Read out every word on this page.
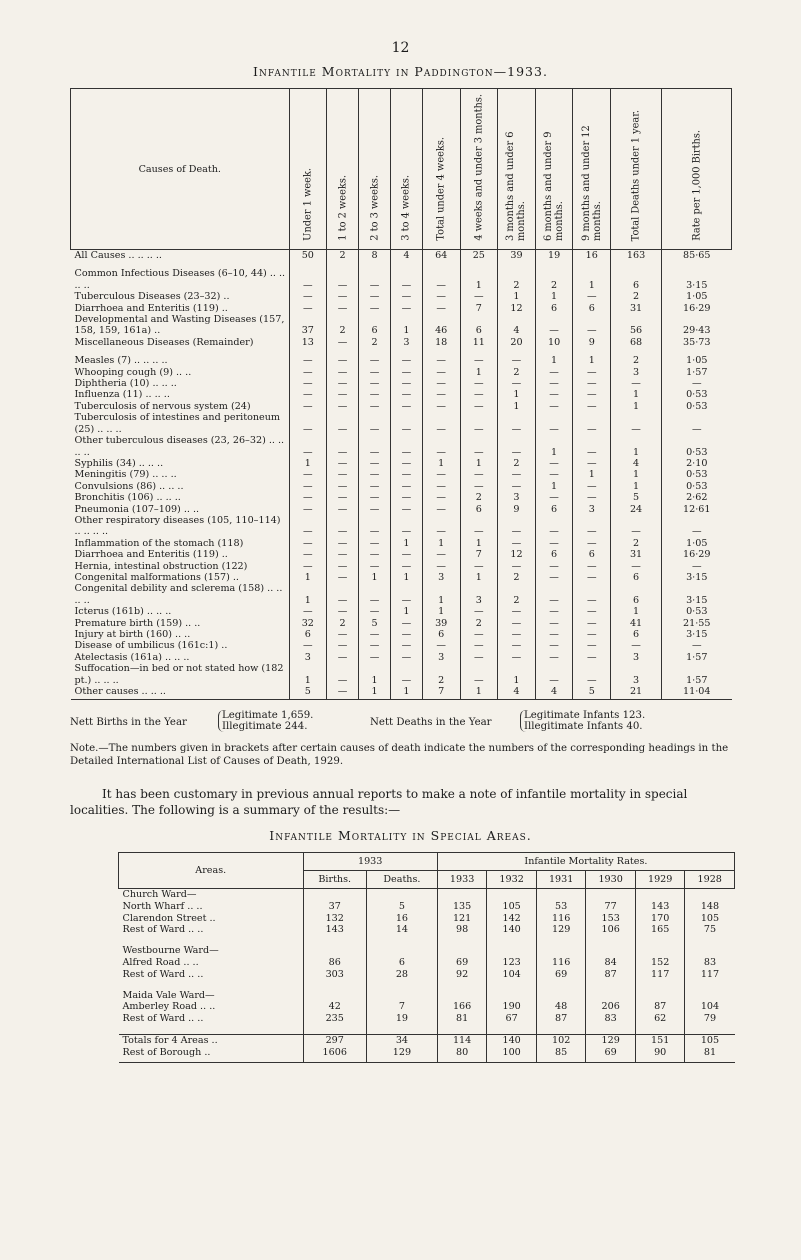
12
Infantile Mortality in Paddington—1933.
Causes of Death.	Under 1 week.	1 to 2 weeks.	2 to 3 weeks.	3 to 4 weeks.	Total under 4 weeks.	4 weeks and under 3 months.	3 months and under 6 months.	6 months and under 9 months.	9 months and under 12 months.	Total Deaths under 1 year.	Rate per 1,000 Births.

All Causes .. .. .. ..	50	2	8	4	64	25	39	19	16	163	85·65

Common Infectious Diseases (6–10, 44) .. .. .. ..	—	—	—	—	—	1	2	2	1	6	3·15
Tuberculous Diseases (23–32) ..	—	—	—	—	—	—	1	1	—	2	1·05
Diarrhoea and Enteritis (119) ..	—	—	—	—	—	7	12	6	6	31	16·29
Developmental and Wasting Diseases (157, 158, 159, 161a) ..	37	2	6	1	46	6	4	—	—	56	29·43
Miscellaneous Diseases (Remainder)	13	—	2	3	18	11	20	10	9	68	35·73

Measles (7) .. .. .. ..	—	—	—	—	—	—	—	1	1	2	1·05
Whooping cough (9) .. ..	—	—	—	—	—	1	2	—	—	3	1·57
Diphtheria (10) .. .. ..	—	—	—	—	—	—	—	—	—	—	—
Influenza (11) .. .. ..	—	—	—	—	—	—	1	—	—	1	0·53
Tuberculosis of nervous system (24)	—	—	—	—	—	—	1	—	—	1	0·53
Tuberculosis of intestines and peritoneum (25) .. .. ..	—	—	—	—	—	—	—	—	—	—	—
Other tuberculous diseases (23, 26–32) .. .. .. ..	—	—	—	—	—	—	—	1	—	1	0·53
Syphilis (34) .. .. ..	1	—	—	—	1	1	2	—	—	4	2·10
Meningitis (79) .. .. ..	—	—	—	—	—	—	—	—	1	1	0·53
Convulsions (86) .. .. ..	—	—	—	—	—	—	—	1	—	1	0·53
Bronchitis (106) .. .. ..	—	—	—	—	—	2	3	—	—	5	2·62
Pneumonia (107–109) .. ..	—	—	—	—	—	6	9	6	3	24	12·61
Other respiratory diseases (105, 110–114) .. .. .. ..	—	—	—	—	—	—	—	—	—	—	—
Inflammation of the stomach (118)	—	—	—	1	1	1	—	—	—	2	1·05
Diarrhoea and Enteritis (119) ..	—	—	—	—	—	7	12	6	6	31	16·29
Hernia, intestinal obstruction (122)	—	—	—	—	—	—	—	—	—	—	—
Congenital malformations (157) ..	1	—	1	1	3	1	2	—	—	6	3·15
Congenital debility and sclerema (158) .. .. .. ..	1	—	—	—	1	3	2	—	—	6	3·15
Icterus (161b) .. .. ..	—	—	—	1	1	—	—	—	—	1	0·53
Premature birth (159) .. ..	32	2	5	—	39	2	—	—	—	41	21·55
Injury at birth (160) .. ..	6	—	—	—	6	—	—	—	—	6	3·15
Disease of umbilicus (161c:1) ..	—	—	—	—	—	—	—	—	—	—	—
Atelectasis (161a) .. .. ..	3	—	—	—	3	—	—	—	—	3	1·57
Suffocation—in bed or not stated how (182 pt.) .. .. ..	1	—	1	—	2	—	1	—	—	3	1·57
Other causes .. .. ..	5	—	1	1	7	1	4	4	5	21	11·04
Nett Births in the Year
Legitimate 1,659.
Illegitimate 244.	Nett Deaths in the Year
Legitimate Infants 123.
Illegitimate Infants 40.
Note.—The numbers given in brackets after certain causes of death indicate the numbers of the corresponding headings in the Detailed International List of Causes of Death, 1929.
It has been customary in previous annual reports to make a note of infantile mortality in special localities. The following is a summary of the results:—
Infantile Mortality in Special Areas.
Areas.	1933		Infantile Mortality Rates.					
	Births.	Deaths.	1933	1932	1931	1930	1929	1928
Church Ward—								
North Wharf .. ..	37	5	135	105	53	77	143	148
Clarendon Street ..	132	16	121	142	116	153	170	105
Rest of Ward .. ..	143	14	98	140	129	106	165	75

Westbourne Ward—								
Alfred Road .. ..	86	6	69	123	116	84	152	83
Rest of Ward .. ..	303	28	92	104	69	87	117	117

Maida Vale Ward—								
Amberley Road .. ..	42	7	166	190	48	206	87	104
Rest of Ward .. ..	235	19	81	67	87	83	62	79

Totals for 4 Areas ..	297	34	114	140	102	129	151	105
Rest of Borough ..	1606	129	80	100	85	69	90	81
